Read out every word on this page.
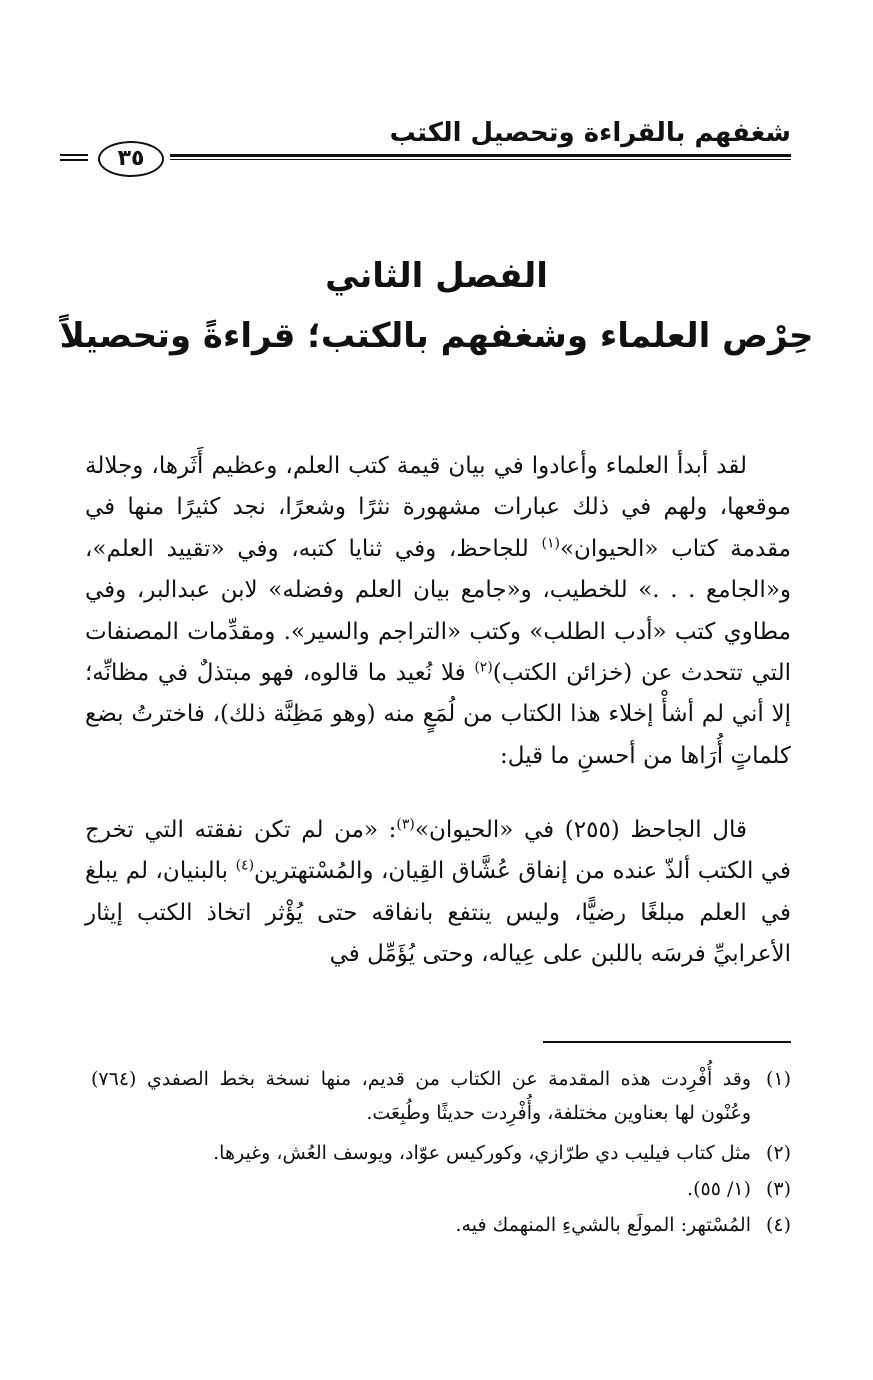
شغفهم بالقراءة وتحصيل الكتب
٣٥
الفصل الثاني
حِرْص العلماء وشغفهم بالكتب؛ قراءةً وتحصيلاً

لقد أبدأ العلماء وأعادوا في بيان قيمة كتب العلم، وعظيم أَثَرها، وجلالة موقعها، ولهم في ذلك عبارات مشهورة نثرًا وشعرًا، نجد كثيرًا منها في مقدمة كتاب «الحيوان»$^{(١)}$ للجاحظ، وفي ثنايا كتبه، وفي «تقييد العلم»، و«الجامع . . .» للخطيب، و«جامع بيان العلم وفضله» لابن عبدالبر، وفي مطاوي كتب «أدب الطلب» وكتب «التراجم والسير». ومقدِّمات المصنفات التي تتحدث عن (خزائن الكتب)$^{(٢)}$ فلا نُعيد ما قالوه، فهو مبتذلٌ في مظانِّه؛ إلا أني لم أشأْ إخلاء هذا الكتاب من لُمَعٍ منه (وهو مَظِنَّة ذلك)، فاخترتُ بضع كلماتٍ أُرَاها من أحسنِ ما قيل:

قال الجاحظ (٢٥٥) في «الحيوان»$^{(٣)}$: «من لم تكن نفقته التي تخرج في الكتب ألذّ عنده من إنفاق عُشَّاق القِيان، والمُسْتهترين$^{(٤)}$ بالبنيان، لم يبلغ في العلم مبلغًا رضيًّا، وليس ينتفع بانفاقه حتى يُؤْثر اتخاذ الكتب إيثار الأعرابيِّ فرسَه باللبن على عِياله، وحتى يُؤَمِّل في

(١)وقد أُفْرِدت هذه المقدمة عن الكتاب من قديم، منها نسخة بخط الصفدي (٧٦٤) وعُنْون لها بعناوين مختلفة، وأُفْرِدت حديثًا وطُبِعَت.

(٢)مثل كتاب فيليب دي طرّازي، وكوركيس عوّاد، ويوسف العُش، وغيرها.

(٣)(١/ ٥٥).

(٤)المُسْتهر: المولَع بالشيءِ المنهمك فيه.
